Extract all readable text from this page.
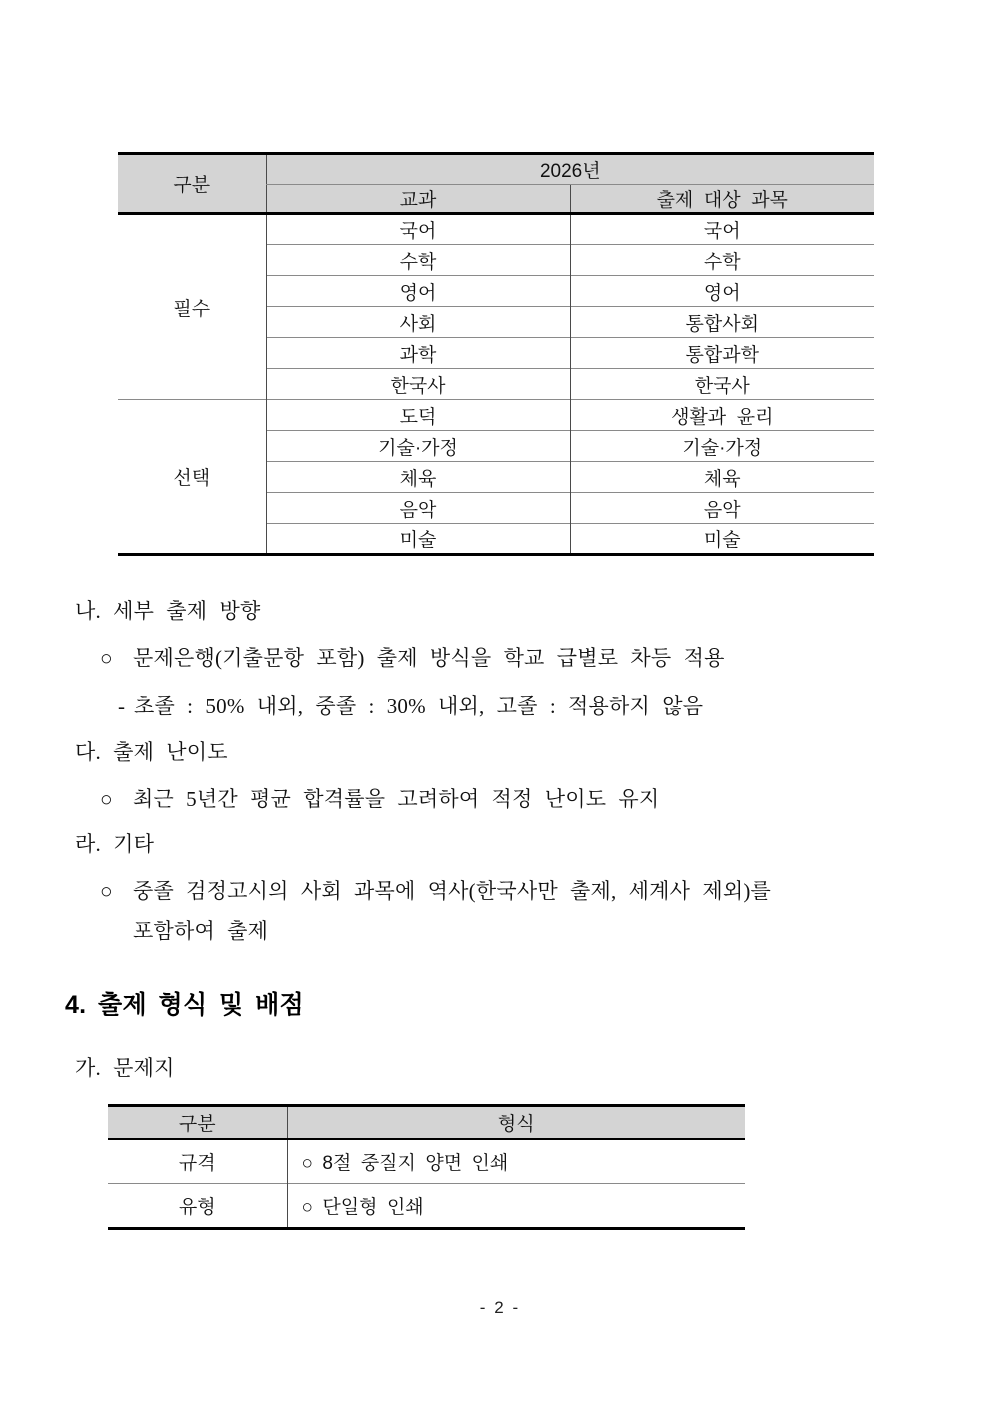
구분	2026년	
	교과	출제 대상 과목
필수	국어	국어
	수학	수학
	영어	영어
	사회	통합사회
	과학	통합과학
	한국사	한국사
선택	도덕	생활과 윤리
	기술·가정	기술·가정
	체육	체육
	음악	음악
	미술	미술
나. 세부 출제 방향
○ 문제은행(기출문항 포함) 출제 방식을 학교 급별로 차등 적용
- 초졸 : 50% 내외, 중졸 : 30% 내외, 고졸 : 적용하지 않음
다. 출제 난이도
○ 최근 5년간 평균 합격률을 고려하여 적정 난이도 유지
라. 기타
○ 중졸 검정고시의 사회 과목에 역사(한국사만 출제, 세계사 제외)를
포함하여 출제
4. 출제 형식 및 배점
가. 문제지
구분	형식
규격	○ 8절 중질지 양면 인쇄
유형	○ 단일형 인쇄
- 2 -
